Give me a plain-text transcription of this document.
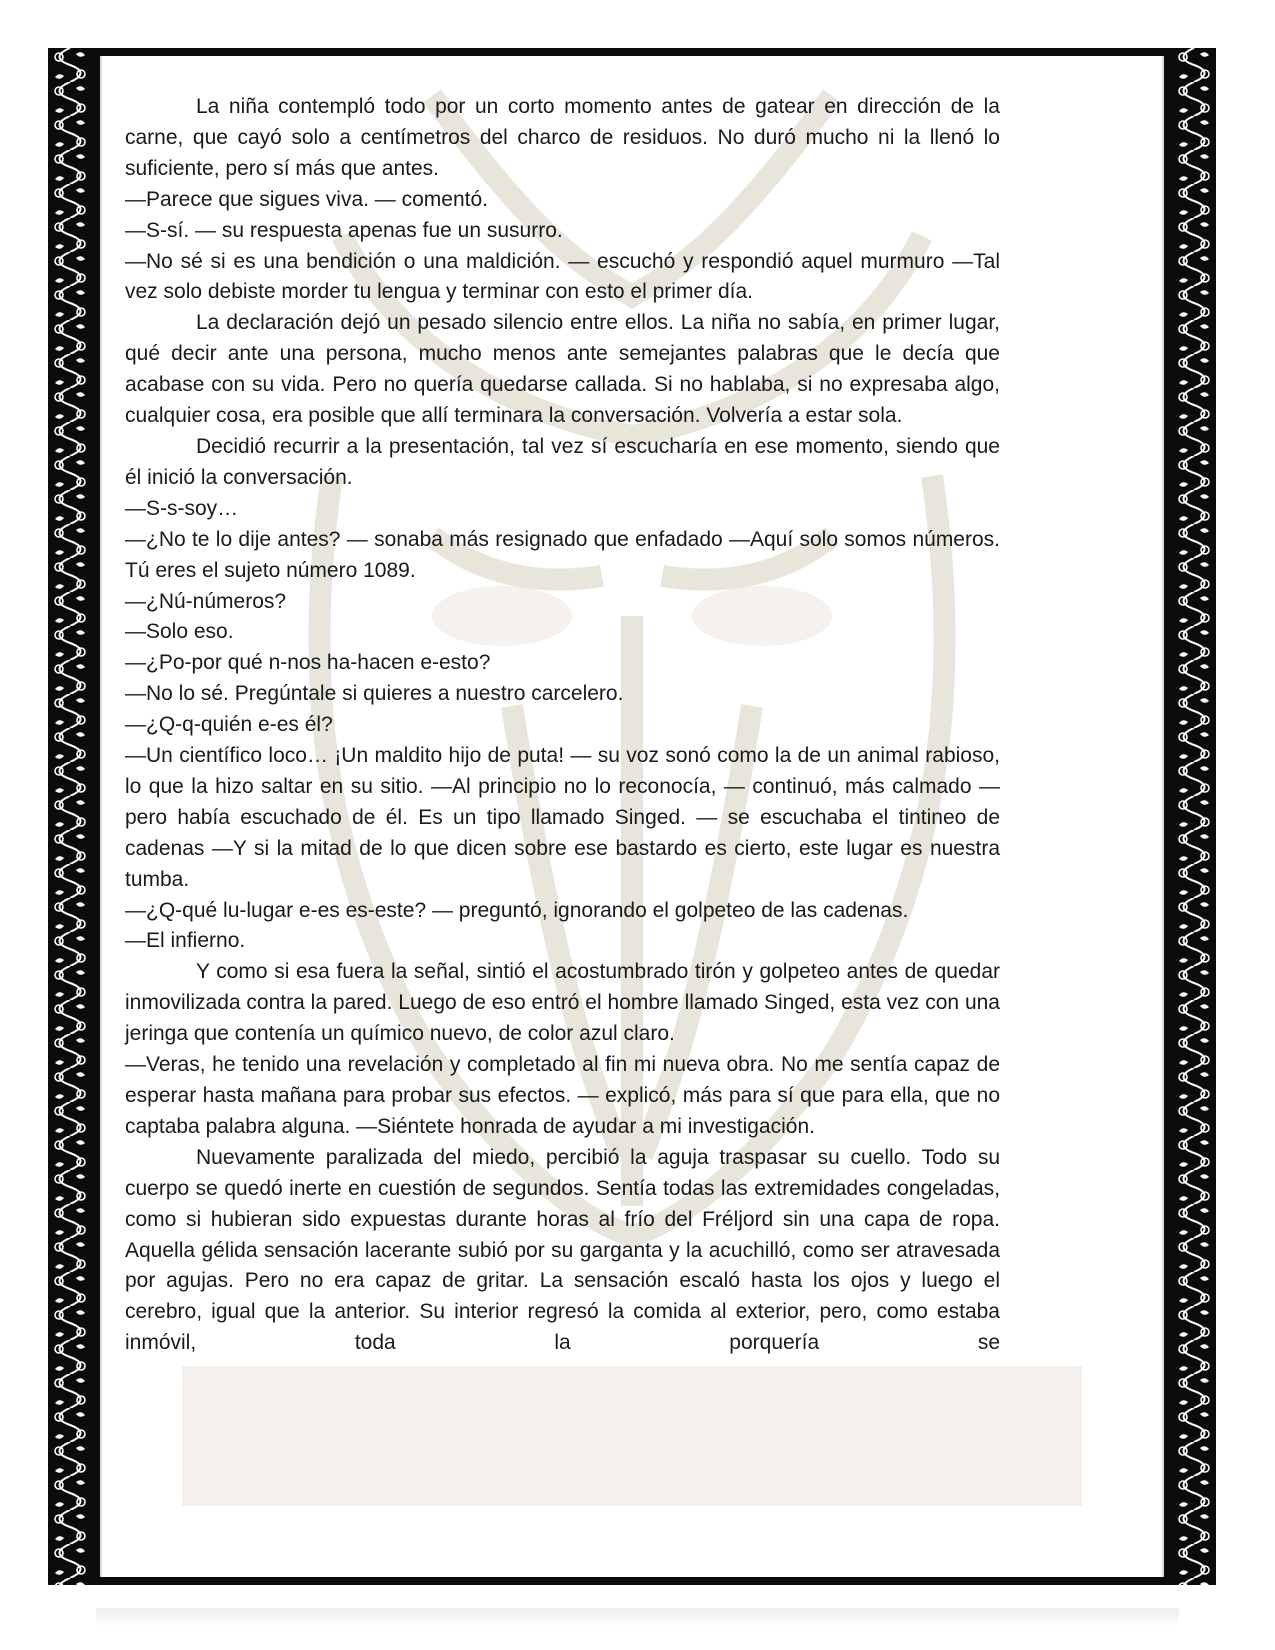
La niña contempló todo por un corto momento antes de gatear en dirección de la carne, que cayó solo a centímetros del charco de residuos. No duró mucho ni la llenó lo suficiente, pero sí más que antes.

—Parece que sigues viva. — comentó.

—S-sí. — su respuesta apenas fue un susurro.

—No sé si es una bendición o una maldición. — escuchó y respondió aquel murmuro —Tal vez solo debiste morder tu lengua y terminar con esto el primer día.

La declaración dejó un pesado silencio entre ellos. La niña no sabía, en primer lugar, qué decir ante una persona, mucho menos ante semejantes palabras que le decía que acabase con su vida. Pero no quería quedarse callada. Si no hablaba, si no expresaba algo, cualquier cosa, era posible que allí terminara la conversación. Volvería a estar sola.

Decidió recurrir a la presentación, tal vez sí escucharía en ese momento, siendo que él inició la conversación.

—S-s-soy…

—¿No te lo dije antes? — sonaba más resignado que enfadado —Aquí solo somos números. Tú eres el sujeto número 1089.

—¿Nú-números?

—Solo eso.

—¿Po-por qué n-nos ha-hacen e-esto?

—No lo sé. Pregúntale si quieres a nuestro carcelero.

—¿Q-q-quién e-es él?

—Un científico loco… ¡Un maldito hijo de puta! — su voz sonó como la de un animal rabioso, lo que la hizo saltar en su sitio. —Al principio no lo reconocía, — continuó, más calmado —pero había escuchado de él. Es un tipo llamado Singed. — se escuchaba el tintineo de cadenas —Y si la mitad de lo que dicen sobre ese bastardo es cierto, este lugar es nuestra tumba.

—¿Q-qué lu-lugar e-es es-este? — preguntó, ignorando el golpeteo de las cadenas.

—El infierno.

Y como si esa fuera la señal, sintió el acostumbrado tirón y golpeteo antes de quedar inmovilizada contra la pared. Luego de eso entró el hombre llamado Singed, esta vez con una jeringa que contenía un químico nuevo, de color azul claro.

—Veras, he tenido una revelación y completado al fin mi nueva obra. No me sentía capaz de esperar hasta mañana para probar sus efectos. — explicó, más para sí que para ella, que no captaba palabra alguna. —Siéntete honrada de ayudar a mi investigación.

Nuevamente paralizada del miedo, percibió la aguja traspasar su cuello. Todo su cuerpo se quedó inerte en cuestión de segundos. Sentía todas las extremidades congeladas, como si hubieran sido expuestas durante horas al frío del Fréljord sin una capa de ropa. Aquella gélida sensación lacerante subió por su garganta y la acuchilló, como ser atravesada por agujas. Pero no era capaz de gritar. La sensación escaló hasta los ojos y luego el cerebro, igual que la anterior. Su interior regresó la comida al exterior, pero, como estaba inmóvil, toda la porquería se
